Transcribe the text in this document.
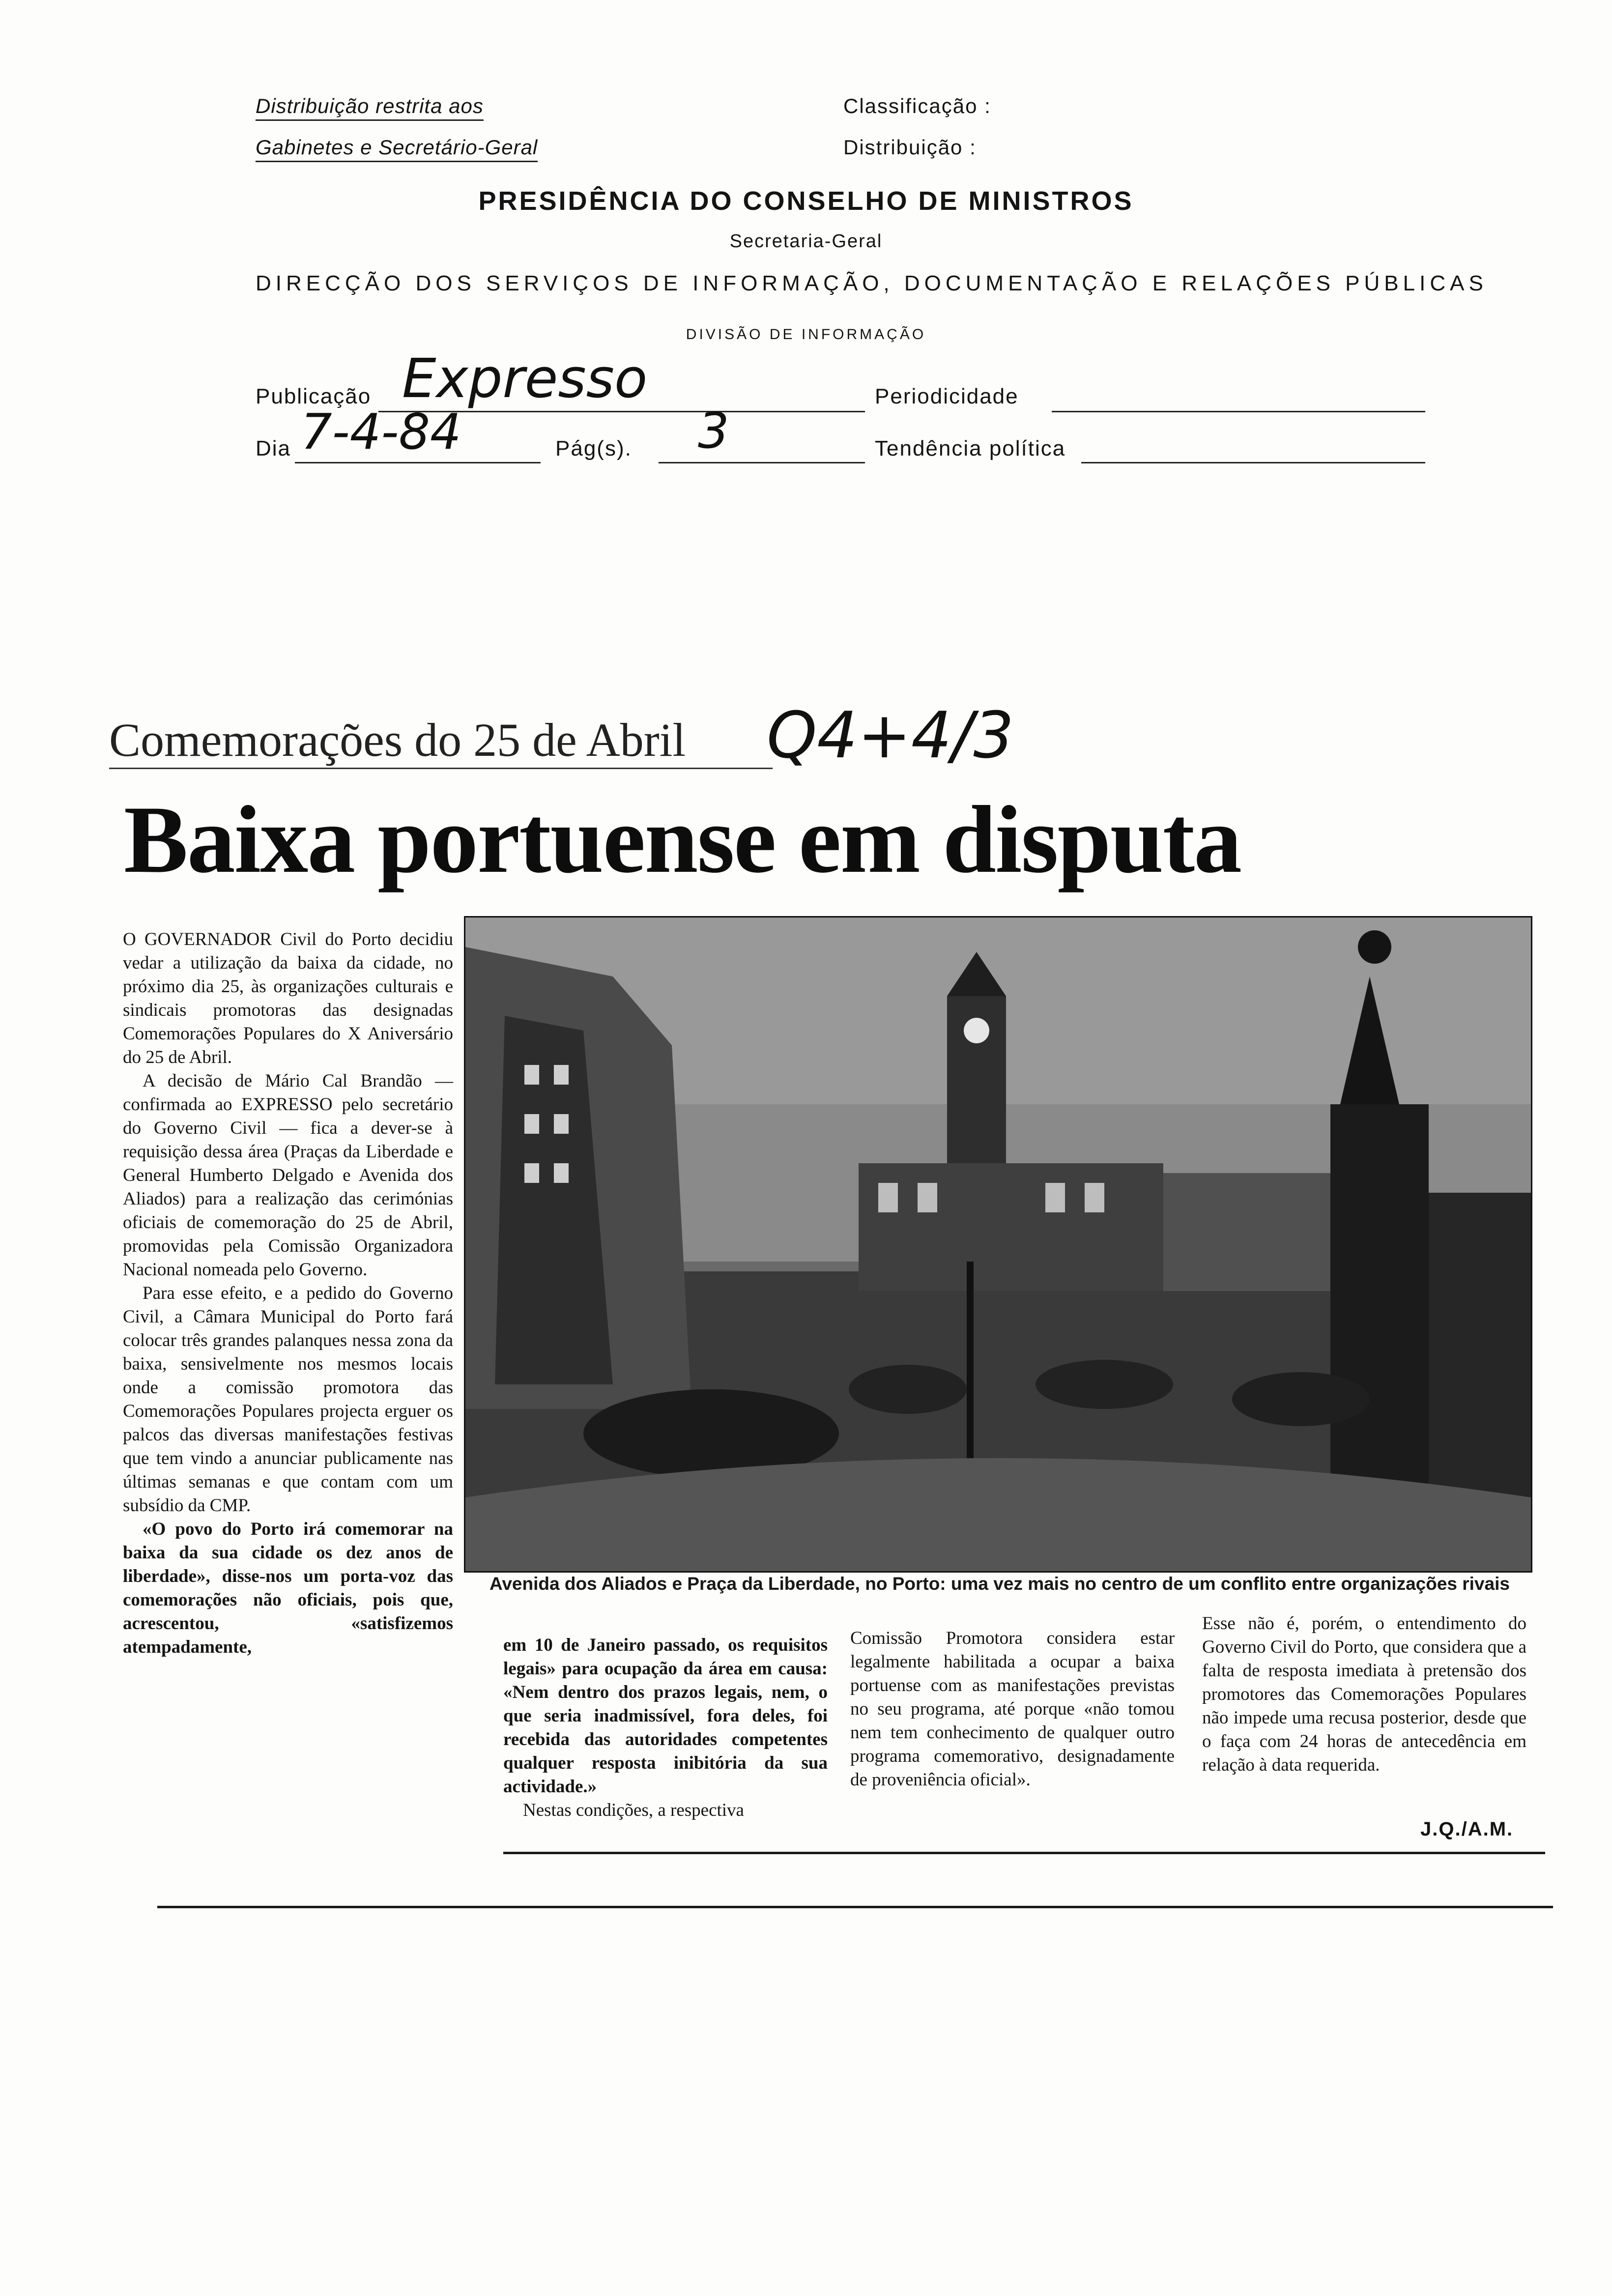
Distribuição restrita aos
Gabinetes e Secretário-Geral
Classificação :
Distribuição :
PRESIDÊNCIA DO CONSELHO DE MINISTROS
Secretaria-Geral
DIRECÇÃO DOS SERVIÇOS DE INFORMAÇÃO, DOCUMENTAÇÃO E RELAÇÕES PÚBLICAS
DIVISÃO DE INFORMAÇÃO
Publicação Expresso	Periodicidade
Dia 7-4-84	Pág(s). 3	Tendência política
Comemorações do 25 de Abril Q4+4/3
Baixa portuense em disputa
Avenida dos Aliados e Praça da Liberdade, no Porto: uma vez mais no centro de um conflito entre organizações rivais

O GOVERNADOR Civil do Porto decidiu vedar a utilização da baixa da cidade, no próximo dia 25, às organizações culturais e sindicais promotoras das designadas Comemorações Populares do X Aniversário do 25 de Abril.

A decisão de Mário Cal Brandão — confirmada ao EXPRESSO pelo secretário do Governo Civil — fica a dever-se à requisição dessa área (Praças da Liberdade e General Humberto Delgado e Avenida dos Aliados) para a realização das cerimónias oficiais de comemoração do 25 de Abril, promovidas pela Comissão Organizadora Nacional nomeada pelo Governo.

Para esse efeito, e a pedido do Governo Civil, a Câmara Municipal do Porto fará colocar três grandes palanques nessa zona da baixa, sensivelmente nos mesmos locais onde a comissão promotora das Comemorações Populares projecta erguer os palcos das diversas manifestações festivas que tem vindo a anunciar publicamente nas últimas semanas e que contam com um subsídio da CMP.

«O povo do Porto irá comemorar na baixa da sua cidade os dez anos de liberdade», disse-nos um porta-voz das comemorações não oficiais, pois que, acrescentou, «satisfizemos atempadamente,	em 10 de Janeiro passado, os requisitos legais» para ocupação da área em causa: «Nem dentro dos prazos legais, nem, o que seria inadmissível, fora deles, foi recebida das autoridades competentes qualquer resposta inibitória da sua actividade.»

Nestas condições, a respectiva

Comissão Promotora considera estar legalmente habilitada a ocupar a baixa portuense com as manifestações previstas no seu programa, até porque «não tomou nem tem conhecimento de qualquer outro programa comemorativo, designadamente de proveniência oficial».

Esse não é, porém, o entendimento do Governo Civil do Porto, que considera que a falta de resposta imediata à pretensão dos promotores das Comemorações Populares não impede uma recusa posterior, desde que o faça com 24 horas de antecedência em relação à data requerida.

J.Q./A.M.
